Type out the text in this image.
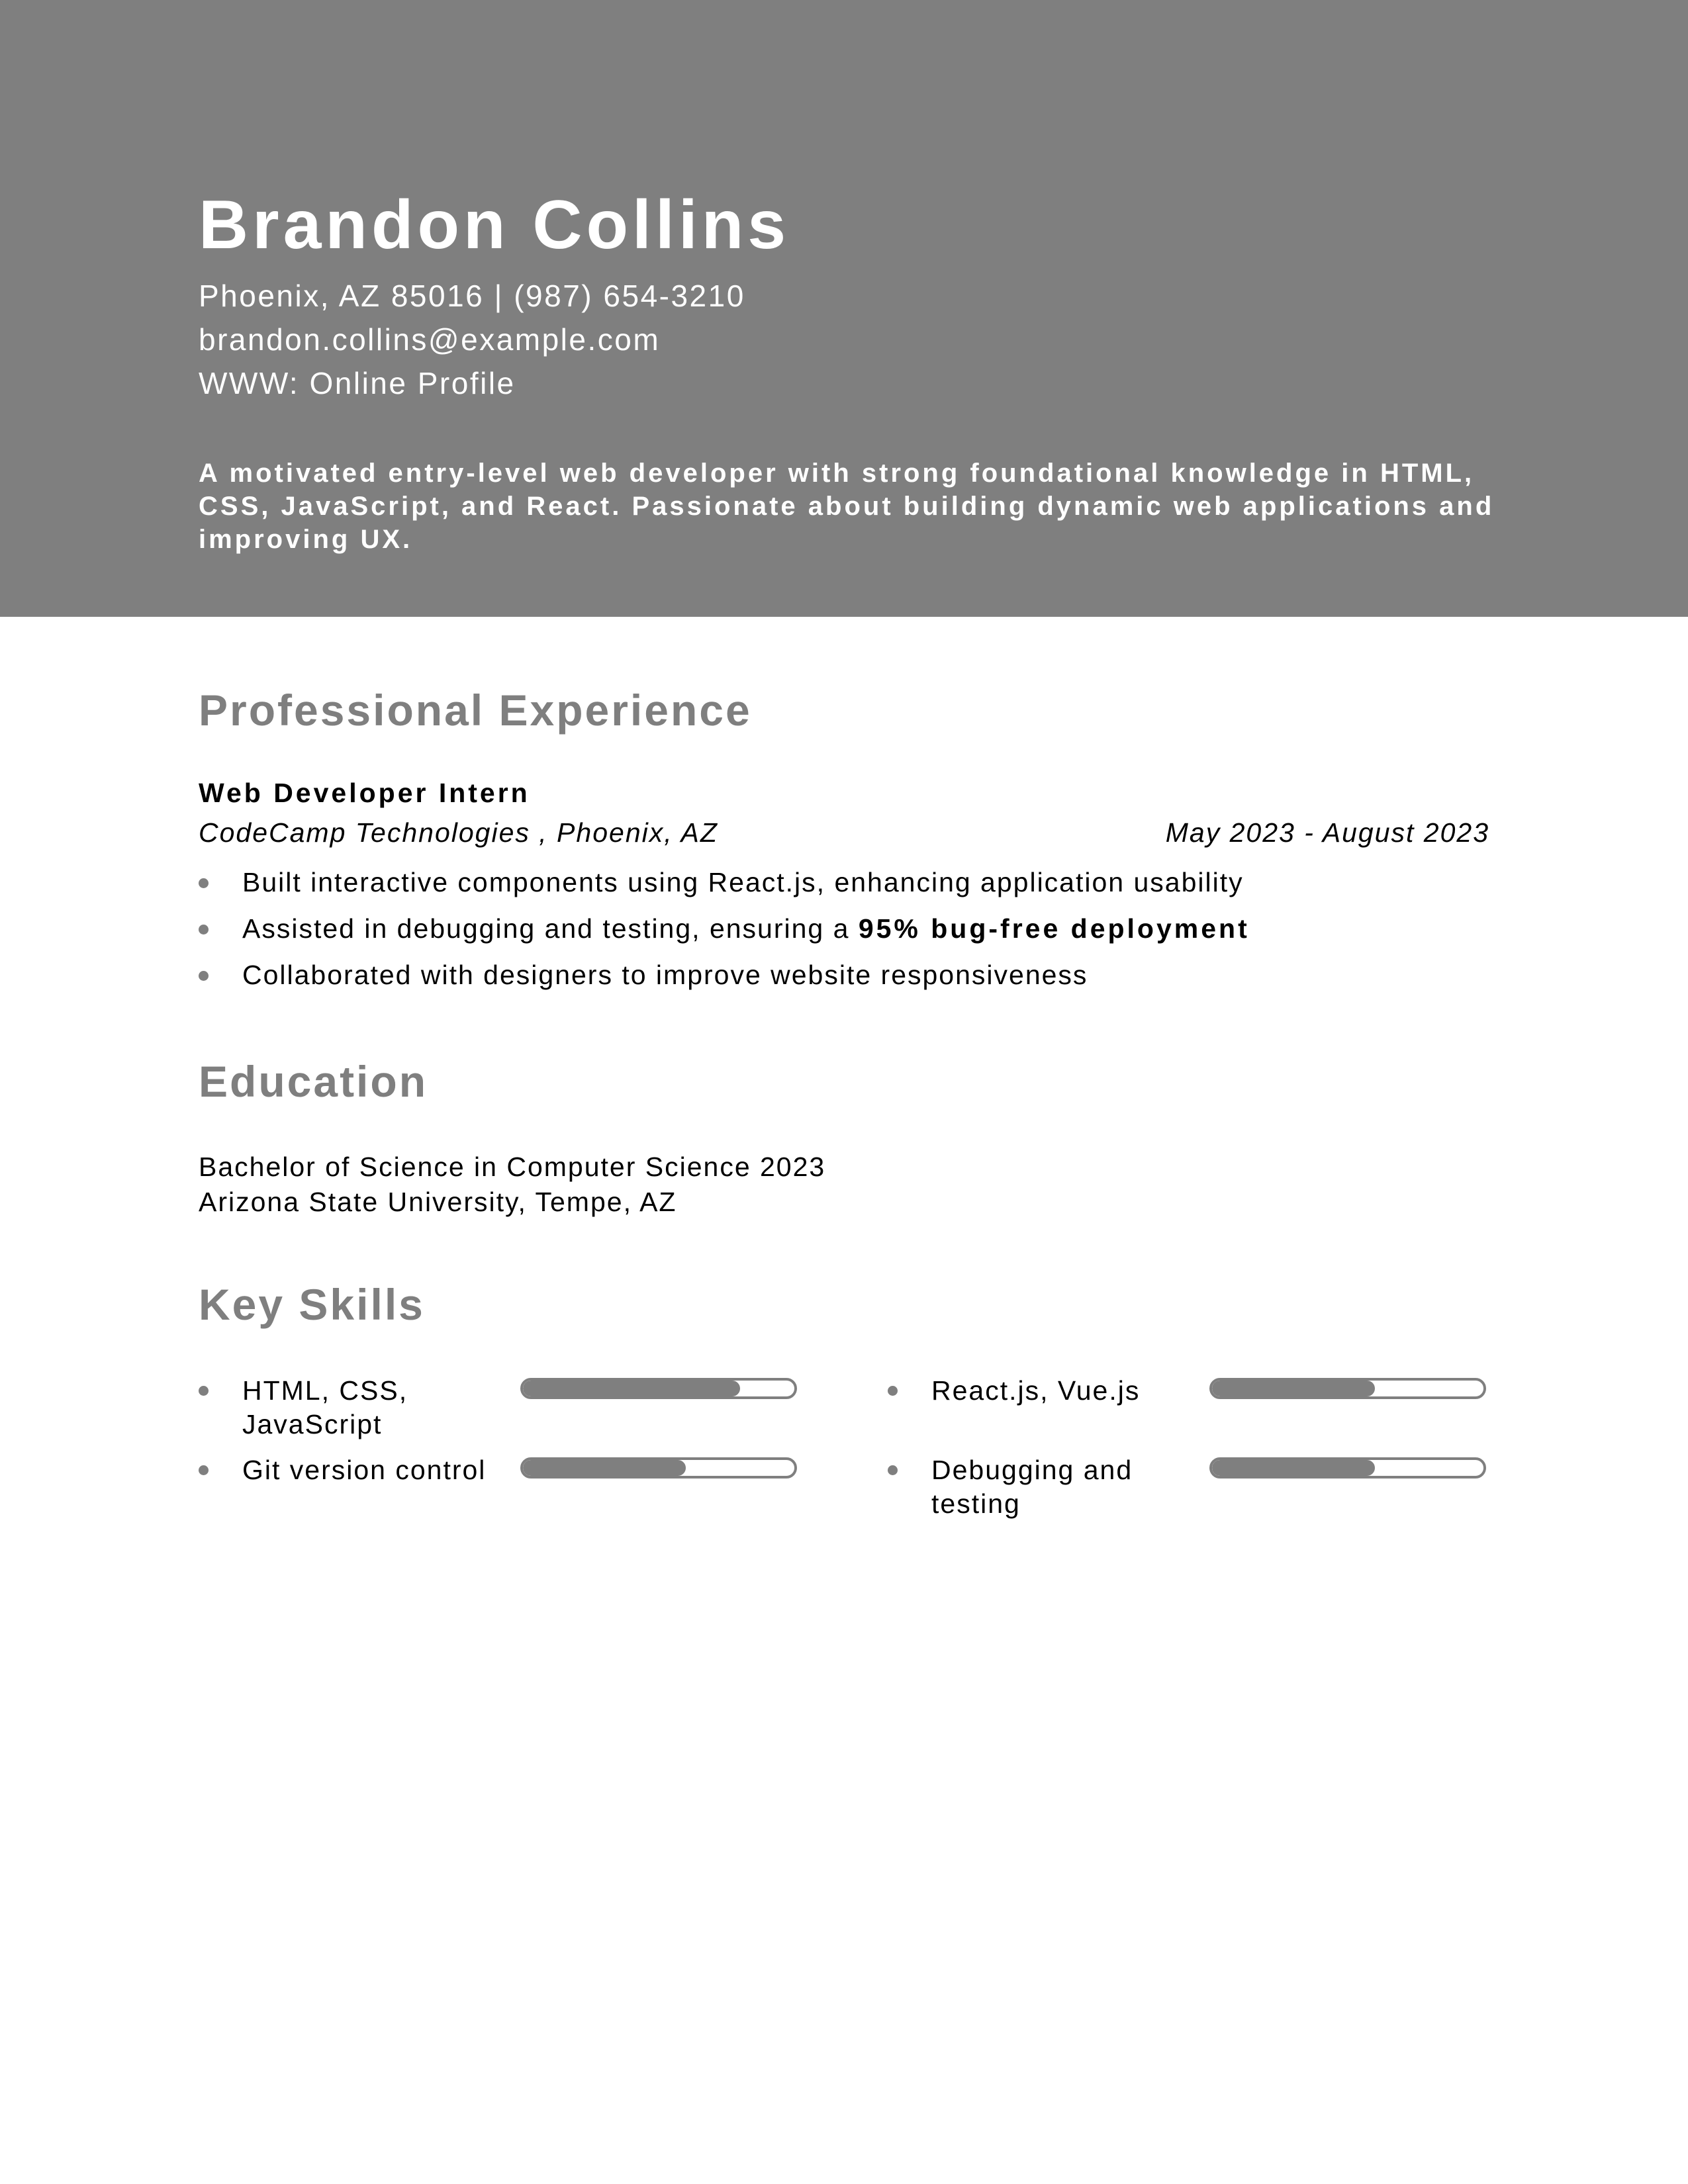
Brandon Collins
Phoenix, AZ 85016 | (987) 654-3210
brandon.collins@example.com
WWW: Online Profile
A motivated entry-level web developer with strong foundational knowledge in HTML, CSS, JavaScript, and React. Passionate about building dynamic web applications and improving UX.
Professional Experience
Web Developer Intern
CodeCamp Technologies , Phoenix, AZ	May 2023 - August 2023
Built interactive components using React.js, enhancing application usability
Assisted in debugging and testing, ensuring a 95% bug-free deployment
Collaborated with designers to improve website responsiveness
Education
Bachelor of Science in Computer Science 2023
Arizona State University, Tempe, AZ
Key Skills
HTML, CSS, JavaScript
React.js, Vue.js
Git version control	Debugging and testing
